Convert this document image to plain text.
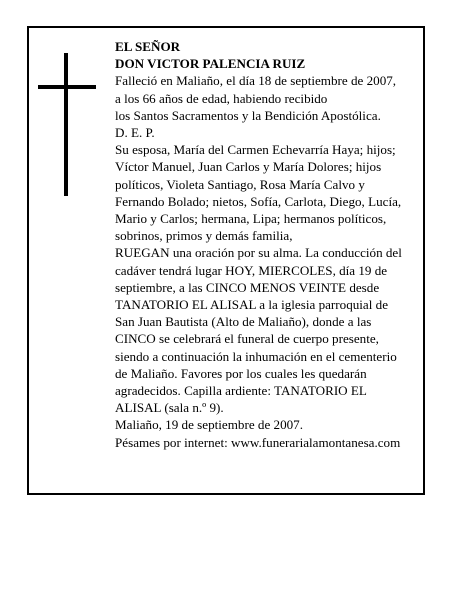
EL SEÑOR
DON VICTOR PALENCIA RUIZ
Falleció en Maliaño, el día 18 de septiembre de 2007,
a los 66 años de edad, habiendo recibido
los Santos Sacramentos y la Bendición Apostólica.
D. E. P.
Su esposa, María del Carmen Echevarría Haya; hijos;
Víctor Manuel, Juan Carlos y María Dolores; hijos
políticos, Violeta Santiago, Rosa María Calvo y
Fernando Bolado; nietos, Sofía, Carlota, Diego, Lucía,
Mario y Carlos; hermana, Lipa; hermanos políticos,
sobrinos, primos y demás familia,
RUEGAN una oración por su alma. La conducción del
cadáver tendrá lugar HOY, MIERCOLES, día 19 de
septiembre, a las CINCO MENOS VEINTE desde
TANATORIO EL ALISAL a la iglesia parroquial de
San Juan Bautista (Alto de Maliaño), donde a las
CINCO se celebrará el funeral de cuerpo presente,
siendo a continuación la inhumación en el cementerio
de Maliaño. Favores por los cuales les quedarán
agradecidos. Capilla ardiente: TANATORIO EL
ALISAL (sala n.º 9).
Maliaño, 19 de septiembre de 2007.
Pésames por internet: www.funerarialamontanesa.com
